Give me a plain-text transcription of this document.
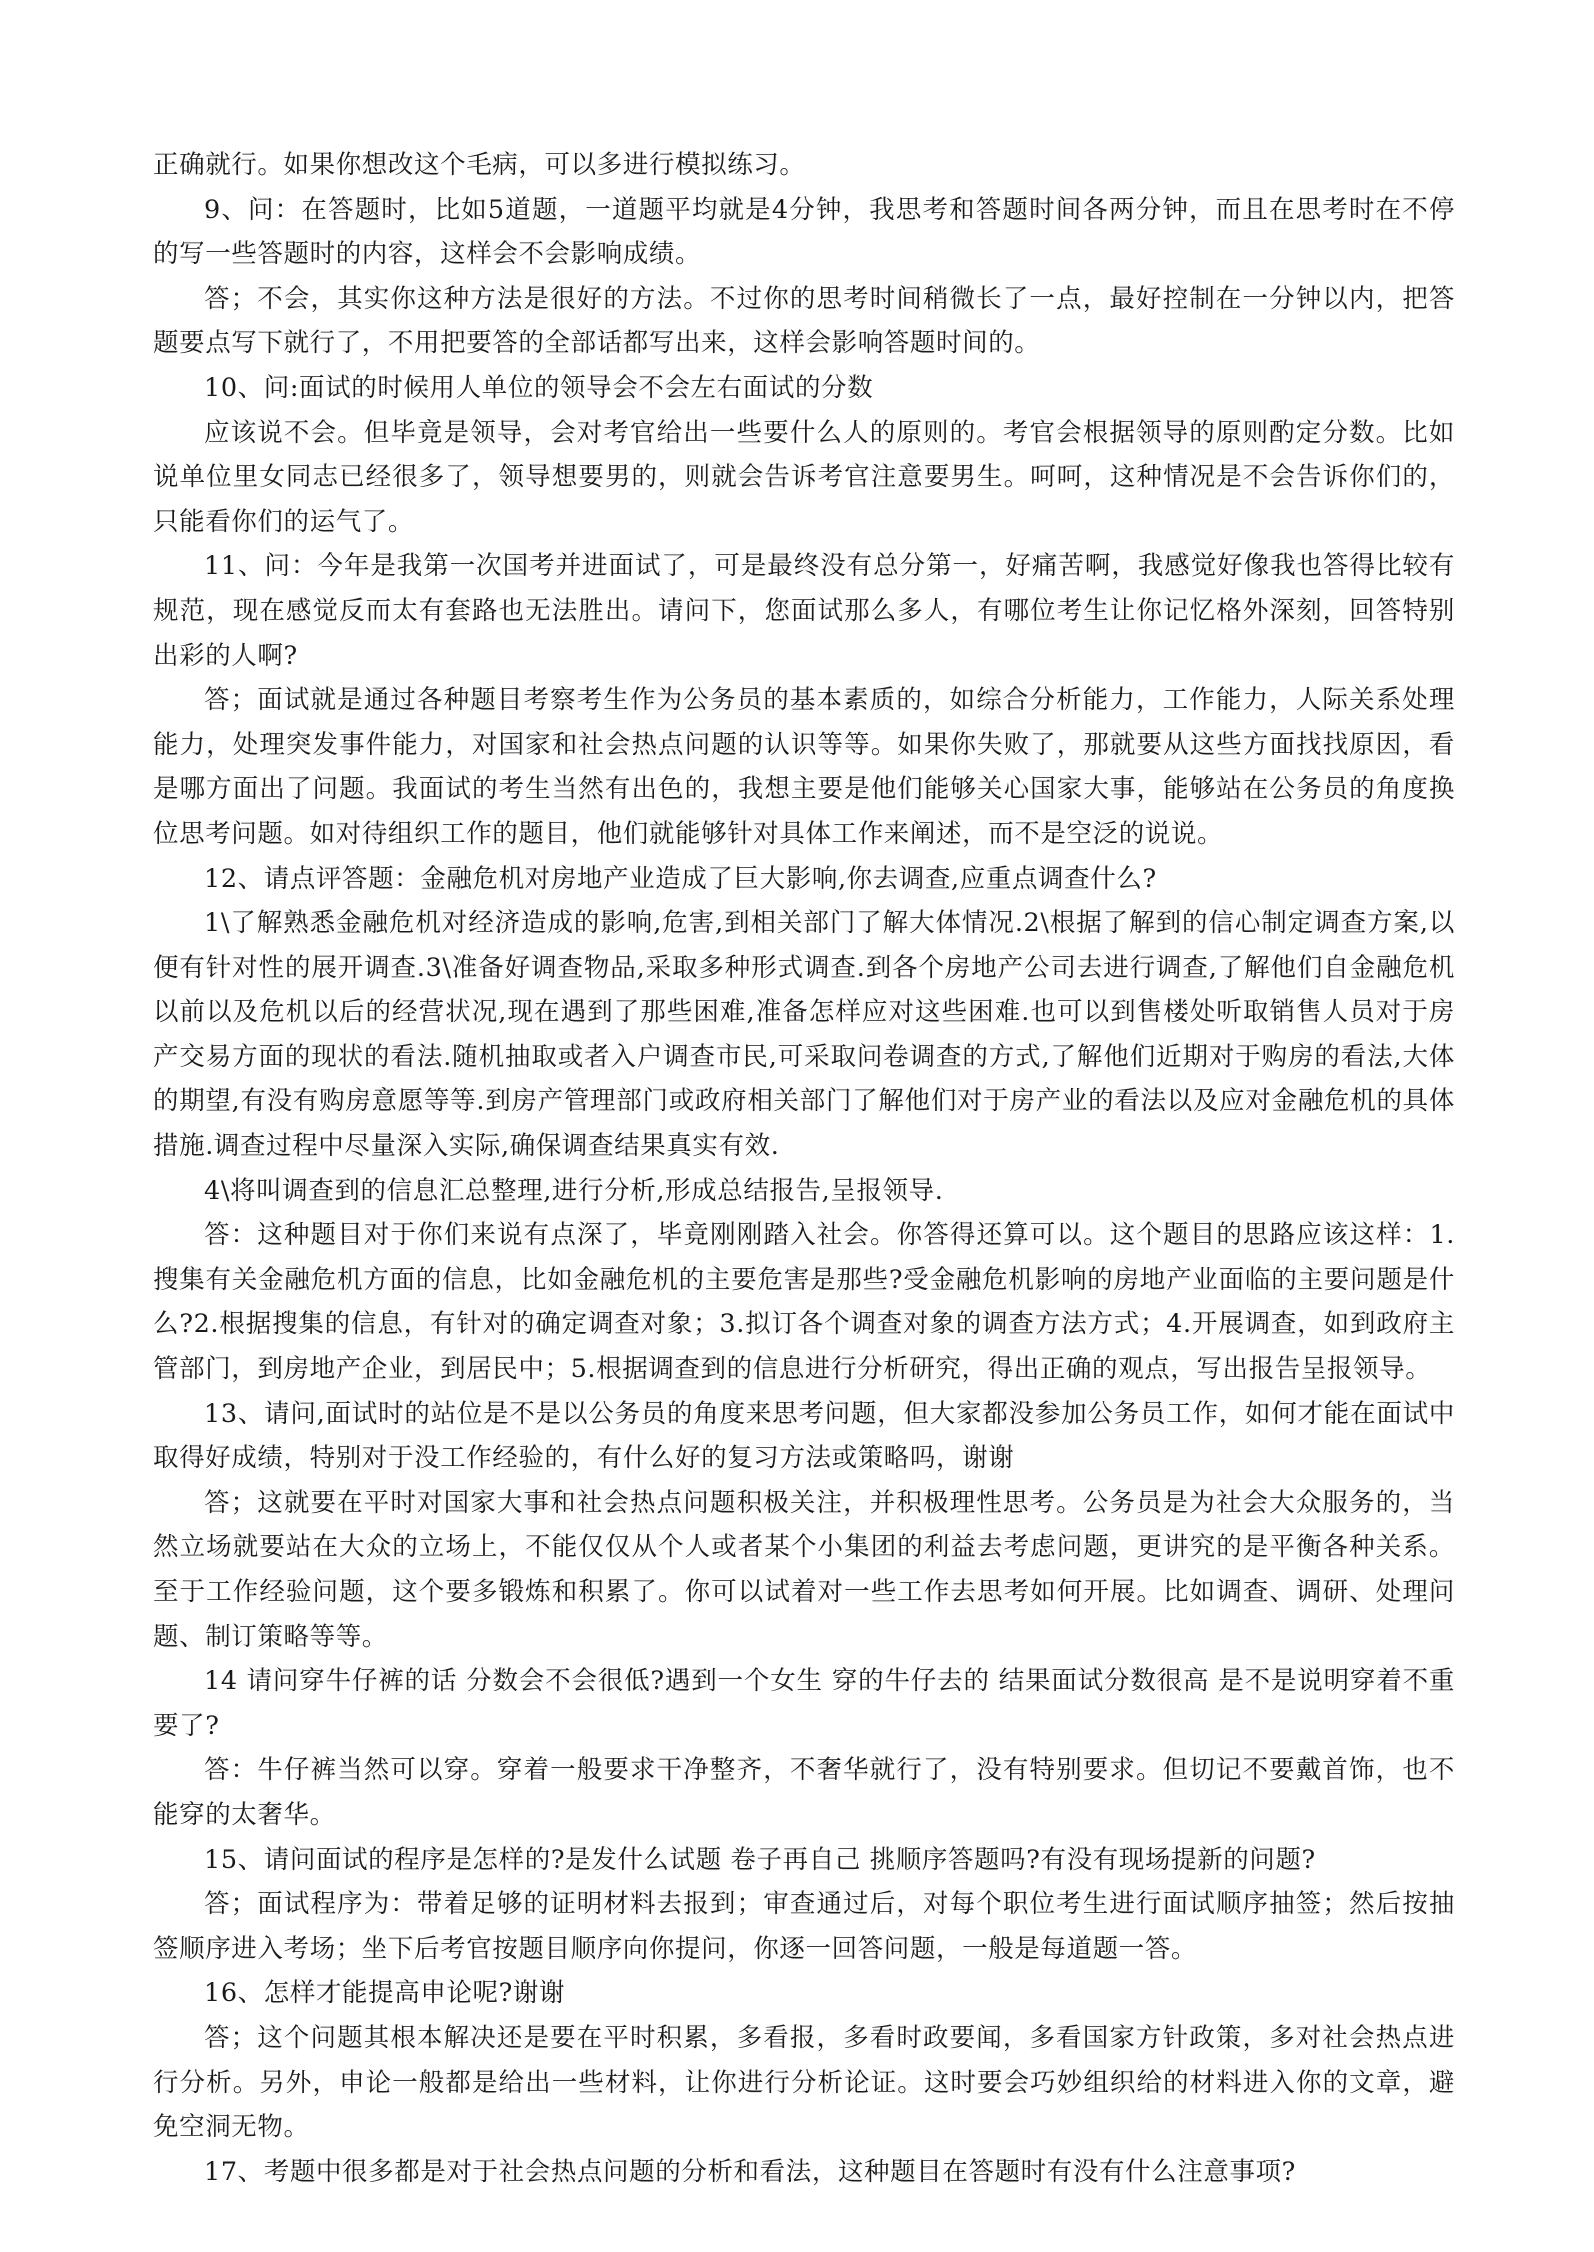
正确就行。如果你想改这个毛病，可以多进行模拟练习。

9、问：在答题时，比如5道题，一道题平均就是4分钟，我思考和答题时间各两分钟，而且在思考时在不停的写一些答题时的内容，这样会不会影响成绩。

答；不会，其实你这种方法是很好的方法。不过你的思考时间稍微长了一点，最好控制在一分钟以内，把答题要点写下就行了，不用把要答的全部话都写出来，这样会影响答题时间的。

10、问:面试的时候用人单位的领导会不会左右面试的分数

应该说不会。但毕竟是领导，会对考官给出一些要什么人的原则的。考官会根据领导的原则酌定分数。比如说单位里女同志已经很多了，领导想要男的，则就会告诉考官注意要男生。呵呵，这种情况是不会告诉你们的，只能看你们的运气了。

11、问：今年是我第一次国考并进面试了，可是最终没有总分第一，好痛苦啊，我感觉好像我也答得比较有规范，现在感觉反而太有套路也无法胜出。请问下，您面试那么多人，有哪位考生让你记忆格外深刻，回答特别出彩的人啊?

答；面试就是通过各种题目考察考生作为公务员的基本素质的，如综合分析能力，工作能力，人际关系处理能力，处理突发事件能力，对国家和社会热点问题的认识等等。如果你失败了，那就要从这些方面找找原因，看是哪方面出了问题。我面试的考生当然有出色的，我想主要是他们能够关心国家大事，能够站在公务员的角度换位思考问题。如对待组织工作的题目，他们就能够针对具体工作来阐述，而不是空泛的说说。

12、请点评答题：金融危机对房地产业造成了巨大影响,你去调查,应重点调查什么?

1\了解熟悉金融危机对经济造成的影响,危害,到相关部门了解大体情况.2\根据了解到的信心制定调查方案,以便有针对性的展开调查.3\准备好调查物品,采取多种形式调查.到各个房地产公司去进行调查,了解他们自金融危机以前以及危机以后的经营状况,现在遇到了那些困难,准备怎样应对这些困难.也可以到售楼处听取销售人员对于房产交易方面的现状的看法.随机抽取或者入户调查市民,可采取问卷调查的方式,了解他们近期对于购房的看法,大体的期望,有没有购房意愿等等.到房产管理部门或政府相关部门了解他们对于房产业的看法以及应对金融危机的具体措施.调查过程中尽量深入实际,确保调查结果真实有效.

4\将叫调查到的信息汇总整理,进行分析,形成总结报告,呈报领导.

答：这种题目对于你们来说有点深了，毕竟刚刚踏入社会。你答得还算可以。这个题目的思路应该这样：1.搜集有关金融危机方面的信息，比如金融危机的主要危害是那些?受金融危机影响的房地产业面临的主要问题是什么?2.根据搜集的信息，有针对的确定调查对象；3.拟订各个调查对象的调查方法方式；4.开展调查，如到政府主管部门，到房地产企业，到居民中；5.根据调查到的信息进行分析研究，得出正确的观点，写出报告呈报领导。

13、请问,面试时的站位是不是以公务员的角度来思考问题，但大家都没参加公务员工作，如何才能在面试中取得好成绩，特别对于没工作经验的，有什么好的复习方法或策略吗，谢谢

答；这就要在平时对国家大事和社会热点问题积极关注，并积极理性思考。公务员是为社会大众服务的，当然立场就要站在大众的立场上，不能仅仅从个人或者某个小集团的利益去考虑问题，更讲究的是平衡各种关系。至于工作经验问题，这个要多锻炼和积累了。你可以试着对一些工作去思考如何开展。比如调查、调研、处理问题、制订策略等等。

14 请问穿牛仔裤的话 分数会不会很低?遇到一个女生 穿的牛仔去的 结果面试分数很高 是不是说明穿着不重要了?

答：牛仔裤当然可以穿。穿着一般要求干净整齐，不奢华就行了，没有特别要求。但切记不要戴首饰，也不能穿的太奢华。

15、请问面试的程序是怎样的?是发什么试题 卷子再自己 挑顺序答题吗?有没有现场提新的问题?

答；面试程序为：带着足够的证明材料去报到；审查通过后，对每个职位考生进行面试顺序抽签；然后按抽签顺序进入考场；坐下后考官按题目顺序向你提问，你逐一回答问题，一般是每道题一答。

16、怎样才能提高申论呢?谢谢

答；这个问题其根本解决还是要在平时积累，多看报，多看时政要闻，多看国家方针政策，多对社会热点进行分析。另外，申论一般都是给出一些材料，让你进行分析论证。这时要会巧妙组织给的材料进入你的文章，避免空洞无物。

17、考题中很多都是对于社会热点问题的分析和看法，这种题目在答题时有没有什么注意事项?
